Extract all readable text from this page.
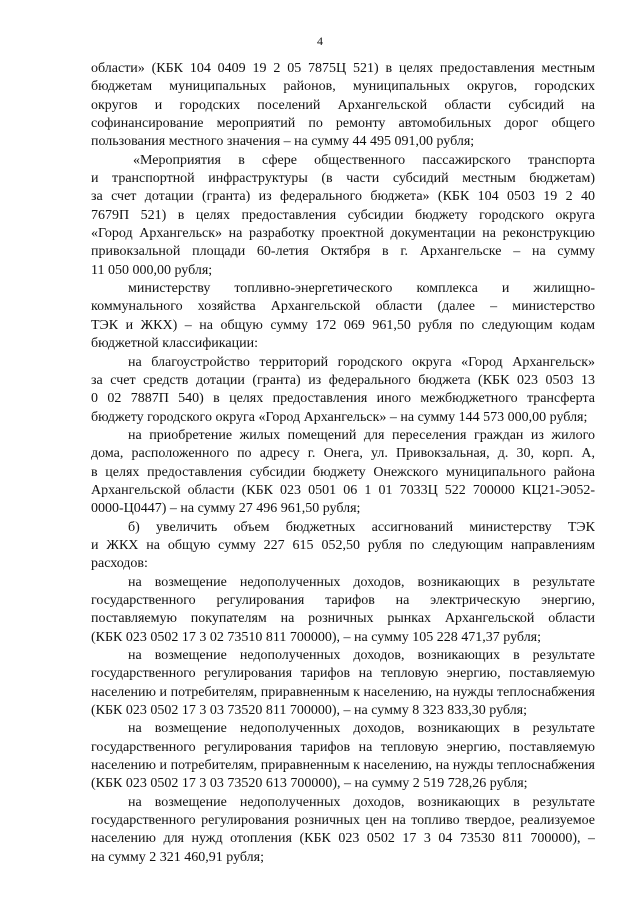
4
области» (КБК 104 0409 19 2 05 7875Ц 521) в целях предоставления местным
бюджетам муниципальных районов, муниципальных округов, городских
округов и городских поселений Архангельской области субсидий на
софинансирование мероприятий по ремонту автомобильных дорог общего
пользования местного значения – на сумму 44 495 091,00 рубля;
«Мероприятия в сфере общественного пассажирского транспорта
и транспортной инфраструктуры (в части субсидий местным бюджетам)
за счет дотации (гранта) из федерального бюджета» (КБК 104 0503 19 2 40
7679П 521) в целях предоставления субсидии бюджету городского округа
«Город Архангельск» на разработку проектной документации на реконструкцию
привокзальной площади 60-летия Октября в г. Архангельске – на сумму
11 050 000,00 рубля;
министерству топливно-энергетического комплекса и жилищно-
коммунального хозяйства Архангельской области (далее – министерство
ТЭК и ЖКХ) – на общую сумму 172 069 961,50 рубля по следующим кодам
бюджетной классификации:
на благоустройство территорий городского округа «Город Архангельск»
за счет средств дотации (гранта) из федерального бюджета (КБК 023 0503 13
0 02 7887П 540) в целях предоставления иного межбюджетного трансферта
бюджету городского округа «Город Архангельск» – на сумму 144 573 000,00 рубля;
на приобретение жилых помещений для переселения граждан из жилого
дома, расположенного по адресу г. Онега, ул. Привокзальная, д. 30, корп. А,
в целях предоставления субсидии бюджету Онежского муниципального района
Архангельской области (КБК 023 0501 06 1 01 7033Ц 522 700000 КЦ21-Э052-
0000-Ц0447) – на сумму 27 496 961,50 рубля;
б) увеличить объем бюджетных ассигнований министерству ТЭК
и ЖКХ на общую сумму 227 615 052,50 рубля по следующим направлениям
расходов:
на возмещение недополученных доходов, возникающих в результате
государственного регулирования тарифов на электрическую энергию,
поставляемую покупателям на розничных рынках Архангельской области
(КБК 023 0502 17 3 02 73510 811 700000), – на сумму 105 228 471,37 рубля;
на возмещение недополученных доходов, возникающих в результате
государственного регулирования тарифов на тепловую энергию, поставляемую
населению и потребителям, приравненным к населению, на нужды теплоснабжения
(КБК 023 0502 17 3 03 73520 811 700000), – на сумму 8 323 833,30 рубля;
на возмещение недополученных доходов, возникающих в результате
государственного регулирования тарифов на тепловую энергию, поставляемую
населению и потребителям, приравненным к населению, на нужды теплоснабжения
(КБК 023 0502 17 3 03 73520 613 700000), – на сумму 2 519 728,26 рубля;
на возмещение недополученных доходов, возникающих в результате
государственного регулирования розничных цен на топливо твердое, реализуемое
населению для нужд отопления (КБК 023 0502 17 3 04 73530 811 700000), –
на сумму 2 321 460,91 рубля;
